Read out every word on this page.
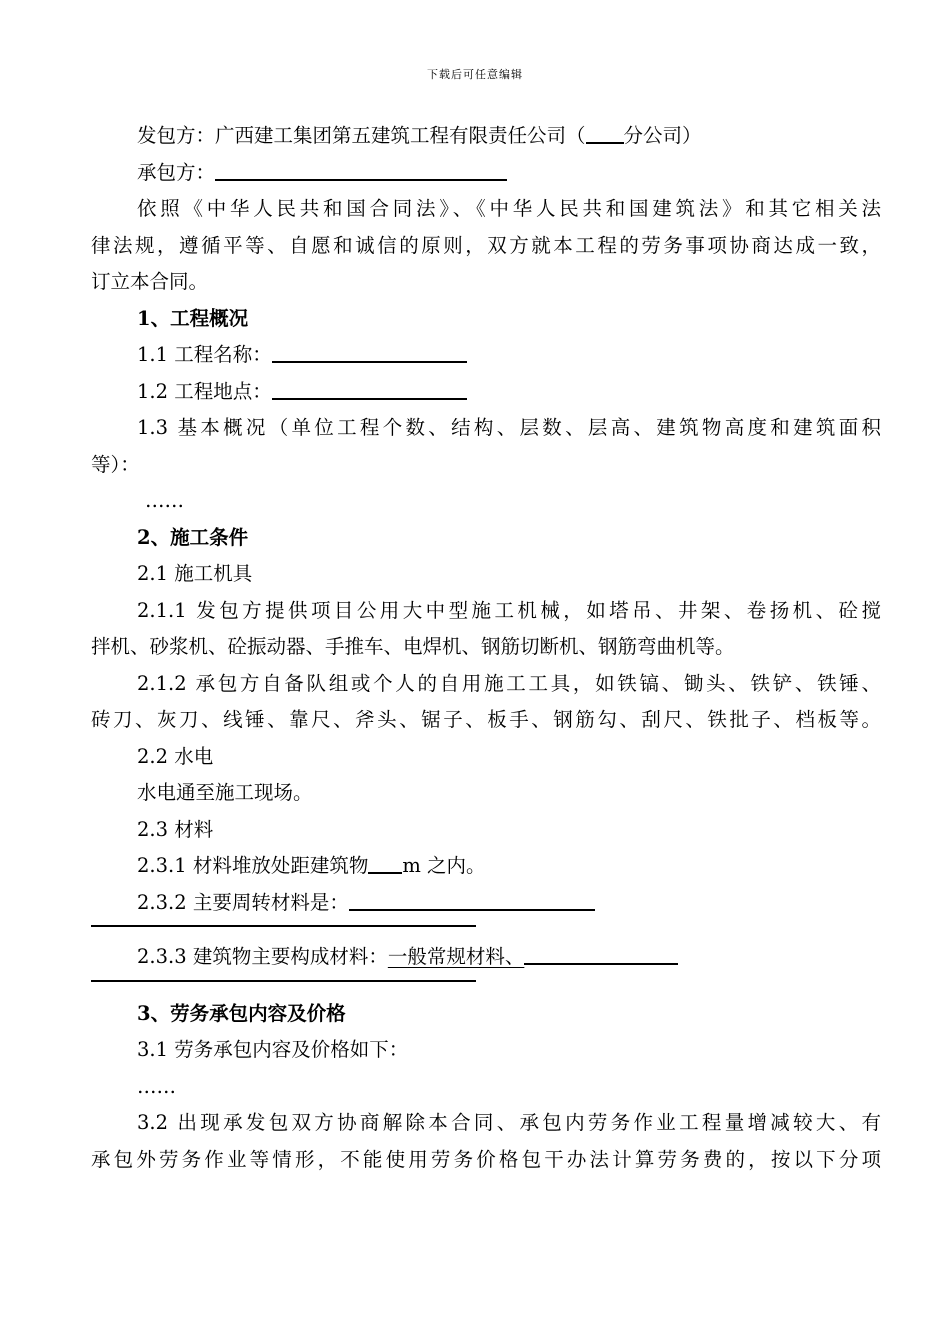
下载后可任意编辑
发包方：广西建工集团第五建筑工程有限责任公司（ 分公司）
承包方：
依照《中华人民共和国合同法》、《中华人民共和国建筑法》和其它相关法
律法规，遵循平等、自愿和诚信的原则，双方就本工程的劳务事项协商达成一致，
订立本合同。
1、工程概况
1.1 工程名称：
1.2 工程地点：
1.3 基本概况（单位工程个数、结构、层数、层高、建筑物高度和建筑面积
等）：
……
2、施工条件
2.1 施工机具
2.1.1 发包方提供项目公用大中型施工机械，如塔吊、井架、卷扬机、砼搅
拌机、砂浆机、砼振动器、手推车、电焊机、钢筋切断机、钢筋弯曲机等。
2.1.2 承包方自备队组或个人的自用施工工具，如铁镐、锄头、铁铲、铁锤、
砖刀、灰刀、线锤、靠尺、斧头、锯子、板手、钢筋勾、刮尺、铁批子、档板等。
2.2 水电
水电通至施工现场。
2.3 材料
2.3.1 材料堆放处距建筑物 m 之内。
2.3.2 主要周转材料是：
2.3.3 建筑物主要构成材料：一般常规材料、
3、劳务承包内容及价格
3.1 劳务承包内容及价格如下：
……
3.2 出现承发包双方协商解除本合同、承包内劳务作业工程量增减较大、有
承包外劳务作业等情形，不能使用劳务价格包干办法计算劳务费的，按以下分项
